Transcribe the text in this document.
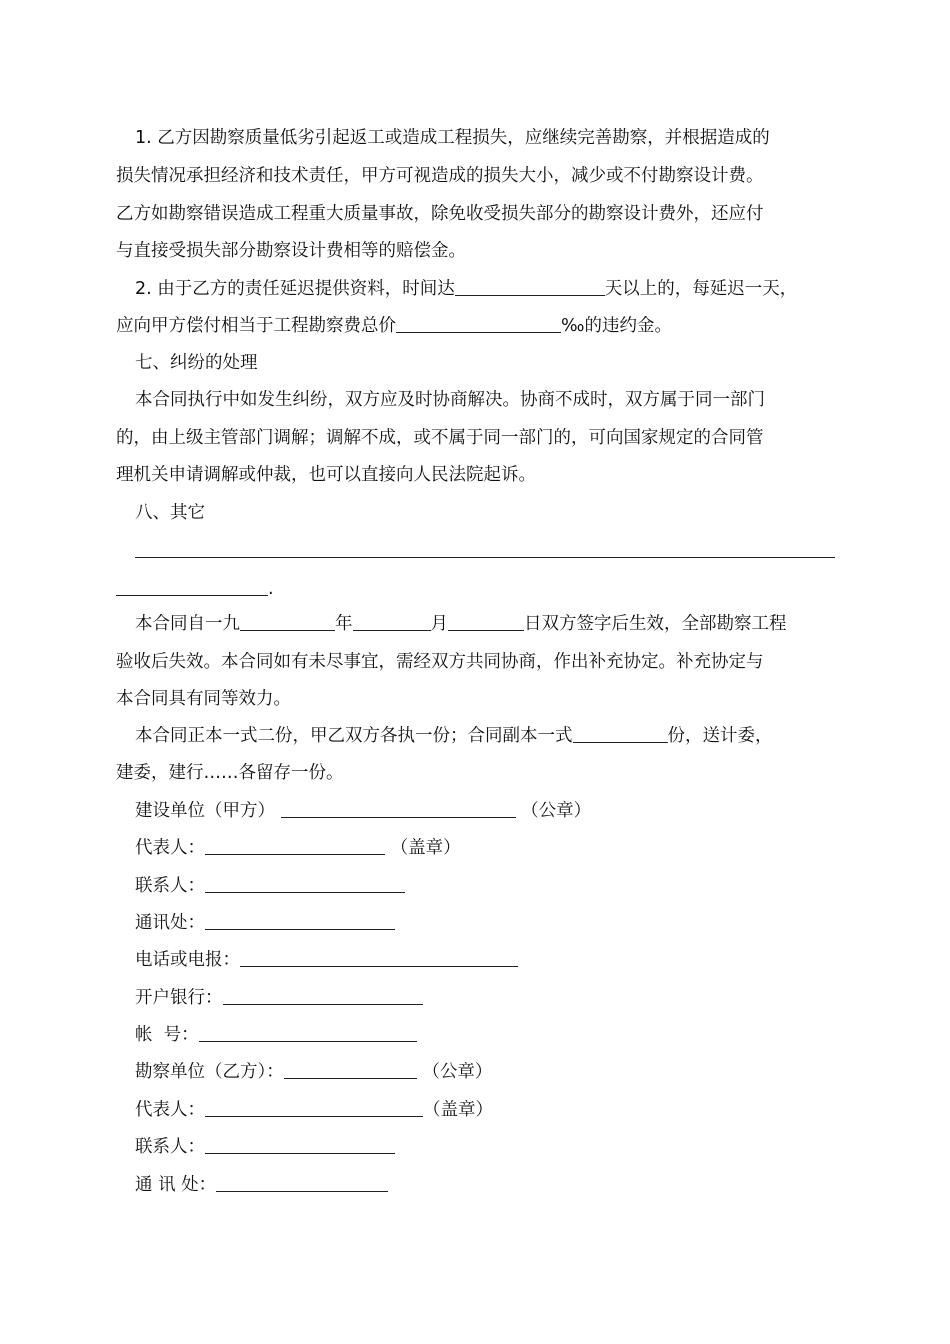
1. 乙方因勘察质量低劣引起返工或造成工程损失，应继续完善勘察，并根据造成的
损失情况承担经济和技术责任，甲方可视造成的损失大小，减少或不付勘察设计费。
乙方如勘察错误造成工程重大质量事故，除免收受损失部分的勘察设计费外，还应付
与直接受损失部分勘察设计费相等的赔偿金。
2. 由于乙方的责任延迟提供资料，时间达	天以上的，每延迟一天，
应向甲方偿付相当于工程勘察费总价	‰的违约金。
七、纠纷的处理
本合同执行中如发生纠纷，双方应及时协商解决。协商不成时，双方属于同一部门
的，由上级主管部门调解；调解不成，或不属于同一部门的，可向国家规定的合同管
理机关申请调解或仲裁，也可以直接向人民法院起诉。
八、其它
.
本合同自一九	年	月	日双方签字后生效，全部勘察工程
验收后失效。本合同如有未尽事宜，需经双方共同协商，作出补充协定。补充协定与
本合同具有同等效力。
本合同正本一式二份，甲乙双方各执一份；合同副本一式	份，送计委，
建委，建行……各留存一份。
建设单位（甲方）	（公章）
代表人：	（盖章）
联系人：
通讯处：
电话或电报：
开户银行：
帐  号：
勘察单位（乙方）：	（公章）
代表人：	（盖章）
联系人：
通 讯 处：
